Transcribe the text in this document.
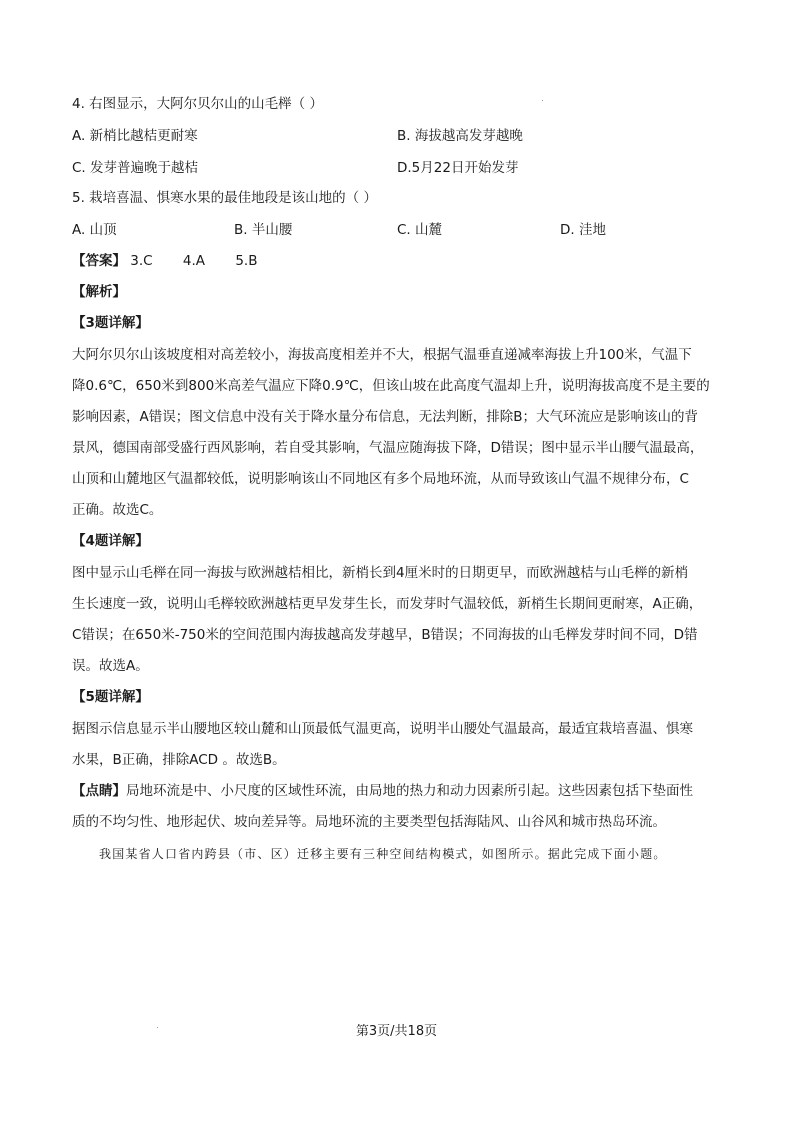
4. 右图显示，大阿尔贝尔山的山毛榉（ ）
A. 新梢比越桔更耐寒	B. 海拔越高发芽越晚
C. 发芽普遍晚于越桔	D.5月22日开始发芽
5. 栽培喜温、惧寒水果的最佳地段是该山地的（ ）
A. 山顶	B. 半山腰	C. 山麓	D. 洼地
【答案】 3.C 4.A 5.B
【解析】
【3题详解】
大阿尔贝尔山该坡度相对高差较小，海拔高度相差并不大，根据气温垂直递减率海拔上升100米，气温下
降0.6℃，650米到800米高差气温应下降0.9℃，但该山坡在此高度气温却上升，说明海拔高度不是主要的
影响因素，A错误；图文信息中没有关于降水量分布信息，无法判断，排除B；大气环流应是影响该山的背
景风，德国南部受盛行西风影响，若自受其影响，气温应随海拔下降，D错误；图中显示半山腰气温最高，
山顶和山麓地区气温都较低，说明影响该山不同地区有多个局地环流，从而导致该山气温不规律分布，C
正确。故选C。
【4题详解】
图中显示山毛榉在同一海拔与欧洲越桔相比，新梢长到4厘米时的日期更早，而欧洲越桔与山毛榉的新梢
生长速度一致，说明山毛榉较欧洲越桔更早发芽生长，而发芽时气温较低，新梢生长期间更耐寒，A正确，
C错误；在650米-750米的空间范围内海拔越高发芽越早，B错误；不同海拔的山毛榉发芽时间不同，D错
误。故选A。
【5题详解】
据图示信息显示半山腰地区较山麓和山顶最低气温更高，说明半山腰处气温最高，最适宜栽培喜温、惧寒
水果，B正确，排除ACD 。故选B。
【点睛】局地环流是中、小尺度的区域性环流，由局地的热力和动力因素所引起。这些因素包括下垫面性
质的不均匀性、地形起伏、坡向差异等。局地环流的主要类型包括海陆风、山谷风和城市热岛环流。
我国某省人口省内跨县（市、区）迁移主要有三种空间结构模式，如图所示。据此完成下面小题。
第3页/共18页
